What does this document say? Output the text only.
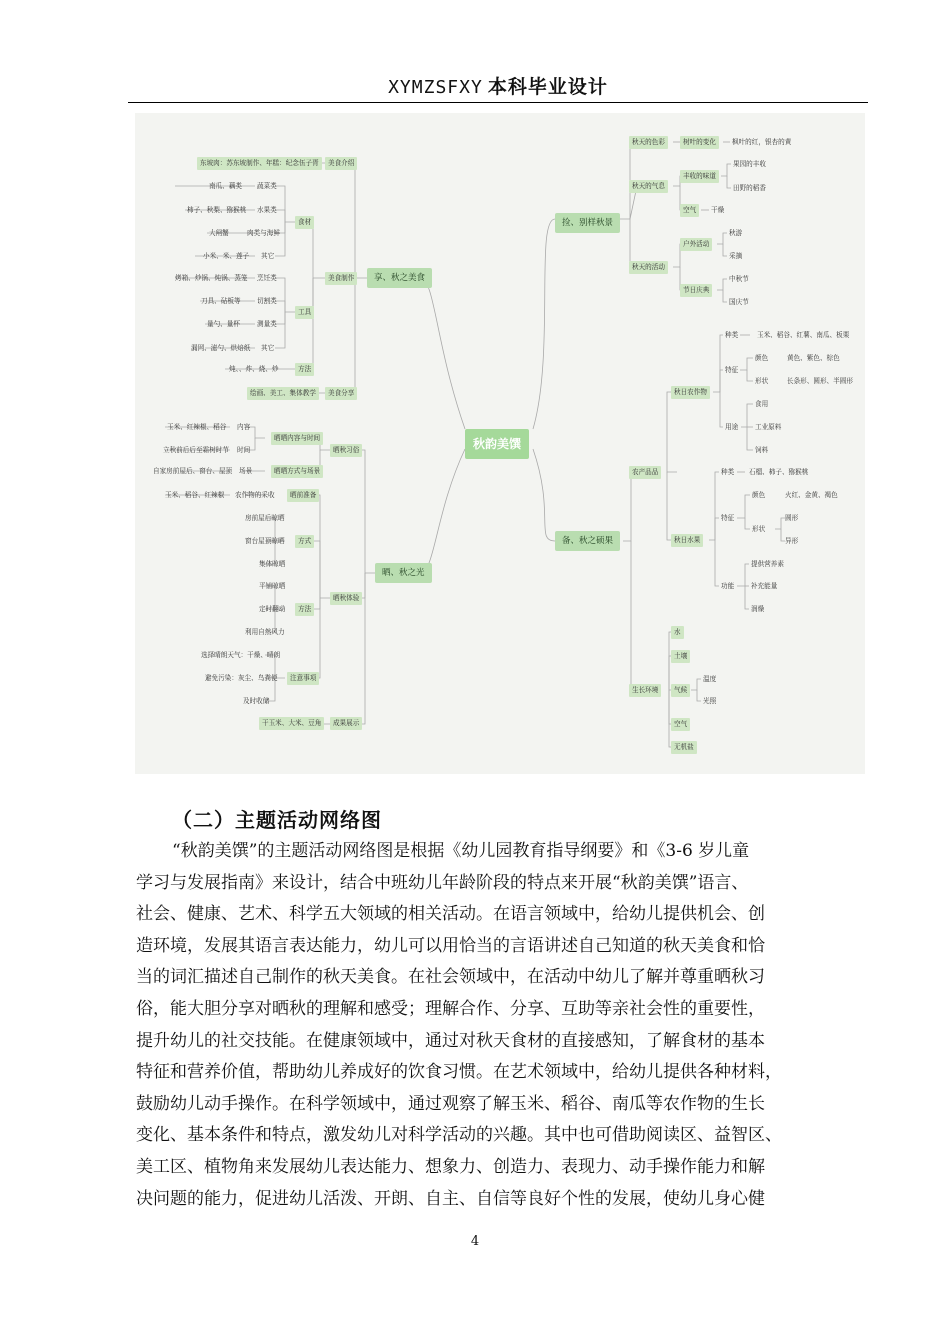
XYMZSFXY 本科毕业设计
秋韵美馔
享、秋之美食
美食介绍
东坡肉：苏东坡制作、年糕：纪念伍子胥
美食制作
食材
蔬菜类
南瓜、藕类
水果类
柿子、秋梨、猕猴桃
肉类与海鲜
大闸蟹
其它
小米、米、莲子
工具
烹饪类
烤箱、炒锅、炖锅、蒸笼
切割类
刀具、砧板等
测量类
量勺、量杯
其它
漏网、滤勺、烘焙纸
方法
炖、、炸、烧、炒
美食分享
绘画、美工、集体教学
晒、秋之光
晒秋习俗
晒晒内容与时间
内容
玉米、红辣椒、稻谷
时间
立秋前后后至霜树时节
晒晒方式与场景
场景
自家房前屋后、窗台、屋顶
晒秋体验
晒前准备
农作物的采收
玉米、稻谷、红辣椒
方式
房前屋后晾晒
窗台屋顶晾晒
集体晾晒
方法
平铺晾晒
定时翻动
利用自然风力
注意事项
选择晴朗天气：干燥、晴朗
避免污染：灰尘、鸟粪便
及时收储
成果展示
干玉米、大米、豆角
捡、别样秋景
秋天的色彩	树叶的变化	枫叶的红，银杏的黄
秋天的气息
丰收的味道
果园的丰收
田野的稻香
空气	干燥
秋天的活动
户外活动
秋游
采摘
节日庆典
中秋节
国庆节
备、秋之硕果
农产品品
秋日农作物
种类	玉米、稻谷、红薯、南瓜、板栗
特征
颜色	黄色、紫色、棕色
形状	长条形、圆形、半圆形
用途
食用
工业原料
饲料
秋日水果
种类	石榴、柿子、猕猴桃
特征
颜色	火红、金黄、褐色
形状
圆形
异形
功能
提供营养素
补充能量
润燥
生长环境
水
土壤
气候
温度
光照
空气
无机盐
（二）主题活动网络图
“秋韵美馔”的主题活动网络图是根据《幼儿园教育指导纲要》和《3-6 岁儿童
学习与发展指南》来设计，结合中班幼儿年龄阶段的特点来开展“秋韵美馔”语言、
社会、健康、艺术、科学五大领域的相关活动。在语言领域中，给幼儿提供机会、创
造环境，发展其语言表达能力，幼儿可以用恰当的言语讲述自己知道的秋天美食和恰
当的词汇描述自己制作的秋天美食。在社会领域中，在活动中幼儿了解并尊重晒秋习
俗，能大胆分享对晒秋的理解和感受；理解合作、分享、互助等亲社会性的重要性，
提升幼儿的社交技能。在健康领域中，通过对秋天食材的直接感知，了解食材的基本
特征和营养价值，帮助幼儿养成好的饮食习惯。在艺术领域中，给幼儿提供各种材料，
鼓励幼儿动手操作。在科学领域中，通过观察了解玉米、稻谷、南瓜等农作物的生长
变化、基本条件和特点，激发幼儿对科学活动的兴趣。其中也可借助阅读区、益智区、
美工区、植物角来发展幼儿表达能力、想象力、创造力、表现力、动手操作能力和解
决问题的能力，促进幼儿活泼、开朗、自主、自信等良好个性的发展，使幼儿身心健
4
